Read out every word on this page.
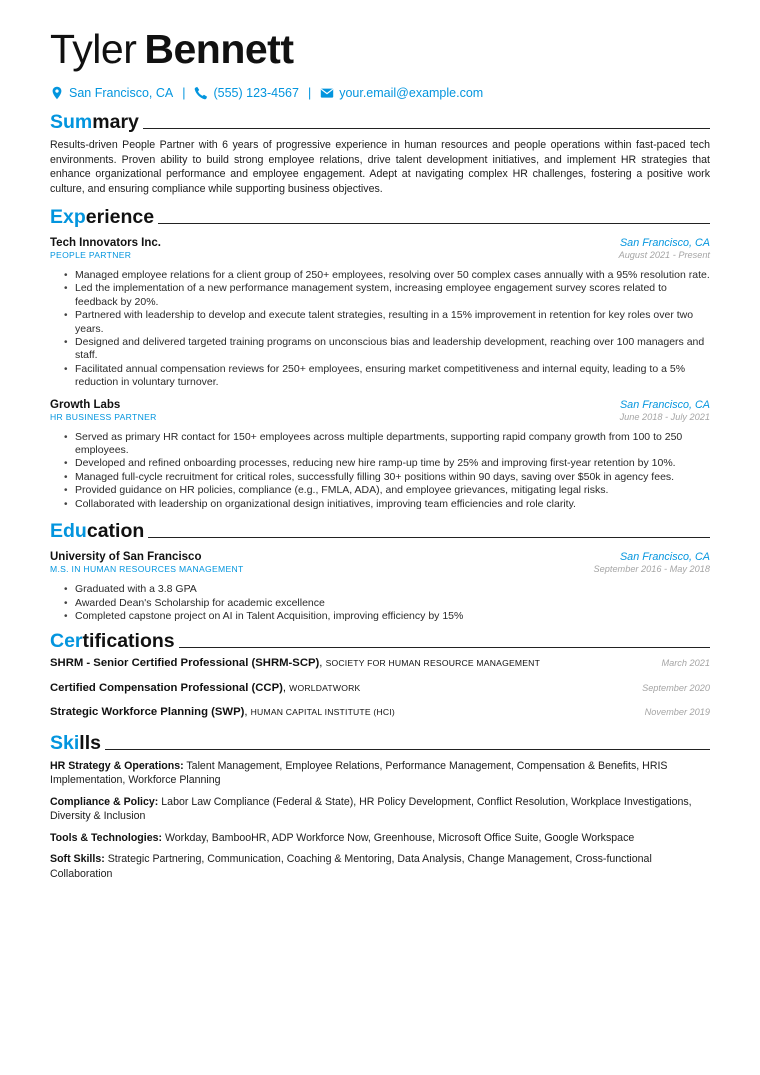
Tyler Bennett
San Francisco, CA | (555) 123-4567 | your.email@example.com
Summary
Results-driven People Partner with 6 years of progressive experience in human resources and people operations within fast-paced tech environments. Proven ability to build strong employee relations, drive talent development initiatives, and implement HR strategies that enhance organizational performance and employee engagement. Adept at navigating complex HR challenges, fostering a positive work culture, and ensuring compliance while supporting business objectives.
Experience
Tech Innovators Inc.	San Francisco, CA
PEOPLE PARTNER	August 2021 - Present
• Managed employee relations for a client group of 250+ employees, resolving over 50 complex cases annually with a 95% resolution rate.
• Led the implementation of a new performance management system, increasing employee engagement survey scores related to feedback by 20%.
• Partnered with leadership to develop and execute talent strategies, resulting in a 15% improvement in retention for key roles over two years.
• Designed and delivered targeted training programs on unconscious bias and leadership development, reaching over 100 managers and staff.
• Facilitated annual compensation reviews for 250+ employees, ensuring market competitiveness and internal equity, leading to a 5% reduction in voluntary turnover.
Growth Labs	San Francisco, CA
HR BUSINESS PARTNER	June 2018 - July 2021
• Served as primary HR contact for 150+ employees across multiple departments, supporting rapid company growth from 100 to 250 employees.
• Developed and refined onboarding processes, reducing new hire ramp-up time by 25% and improving first-year retention by 10%.
• Managed full-cycle recruitment for critical roles, successfully filling 30+ positions within 90 days, saving over $50k in agency fees.
• Provided guidance on HR policies, compliance (e.g., FMLA, ADA), and employee grievances, mitigating legal risks.
• Collaborated with leadership on organizational design initiatives, improving team efficiencies and role clarity.
Education
University of San Francisco	San Francisco, CA
M.S. IN HUMAN RESOURCES MANAGEMENT	September 2016 - May 2018
• Graduated with a 3.8 GPA
• Awarded Dean's Scholarship for academic excellence
• Completed capstone project on AI in Talent Acquisition, improving efficiency by 15%
Certifications
SHRM - Senior Certified Professional (SHRM-SCP), SOCIETY FOR HUMAN RESOURCE MANAGEMENT	March 2021
Certified Compensation Professional (CCP), WORLDATWORK	September 2020
Strategic Workforce Planning (SWP), HUMAN CAPITAL INSTITUTE (HCI)	November 2019
Skills
HR Strategy & Operations: Talent Management, Employee Relations, Performance Management, Compensation & Benefits, HRIS Implementation, Workforce Planning
Compliance & Policy: Labor Law Compliance (Federal & State), HR Policy Development, Conflict Resolution, Workplace Investigations, Diversity & Inclusion
Tools & Technologies: Workday, BambooHR, ADP Workforce Now, Greenhouse, Microsoft Office Suite, Google Workspace
Soft Skills: Strategic Partnering, Communication, Coaching & Mentoring, Data Analysis, Change Management, Cross-functional Collaboration
